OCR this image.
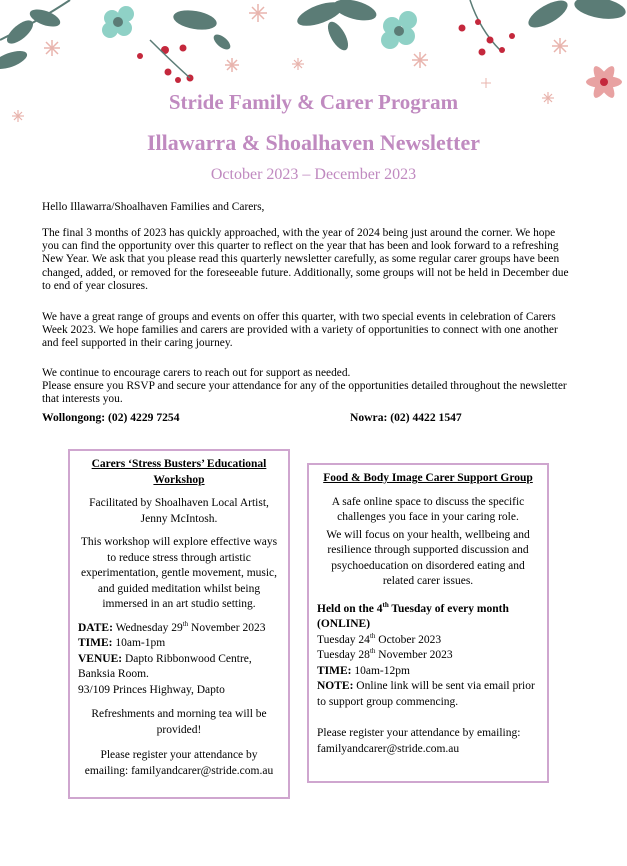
Stride Family & Carer Program
Illawarra & Shoalhaven Newsletter
October 2023 – December 2023

Hello Illawarra/Shoalhaven Families and Carers,

The final 3 months of 2023 has quickly approached, with the year of 2024 being just around the corner. We hope you can find the opportunity over this quarter to reflect on the year that has been and look forward to a refreshing New Year. We ask that you please read this quarterly newsletter carefully, as some regular carer groups have been changed, added, or removed for the foreseeable future. Additionally, some groups will not be held in December due to end of year closures.

We have a great range of groups and events on offer this quarter, with two special events in celebration of Carers Week 2023. We hope families and carers are provided with a variety of opportunities to connect with one another and feel supported in their caring journey.

We continue to encourage carers to reach out for support as needed.
Please ensure you RSVP and secure your attendance for any of the opportunities detailed throughout the newsletter that interests you.
Wollongong: (02) 4229 7254	Nowra: (02) 4422 1547

Carers ‘Stress Busters’ Educational Workshop

Facilitated by Shoalhaven Local Artist, Jenny McIntosh.

This workshop will explore effective ways to reduce stress through artistic experimentation, gentle movement, music, and guided meditation whilst being immersed in an art studio setting.

DATE: Wednesday 29th November 2023

TIME: 10am-1pm

VENUE: Dapto Ribbonwood Centre, Banksia Room.

93/109 Princes Highway, Dapto

Refreshments and morning tea will be provided!

Please register your attendance by emailing: familyandcarer@stride.com.au

Food & Body Image Carer Support Group

A safe online space to discuss the specific challenges you face in your caring role.

We will focus on your health, wellbeing and resilience through supported discussion and psychoeducation on disordered eating and related carer issues.

Held on the 4th Tuesday of every month (ONLINE)

Tuesday 24th October 2023

Tuesday 28th November 2023

TIME: 10am-12pm

NOTE: Online link will be sent via email prior to support group commencing.

Please register your attendance by emailing:

familyandcarer@stride.com.au
